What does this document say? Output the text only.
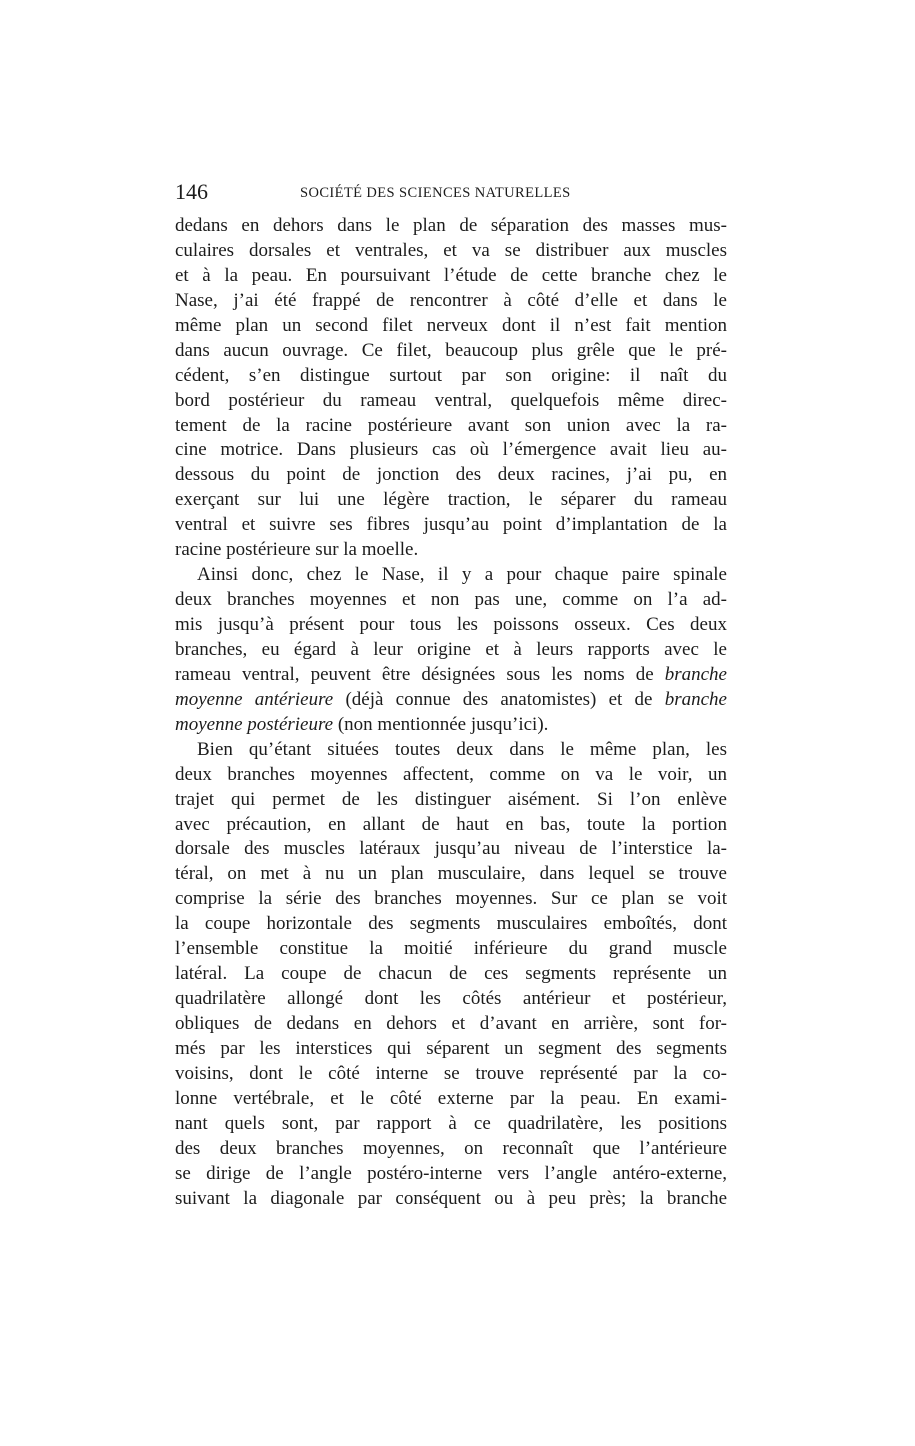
146	SOCIÉTÉ DES SCIENCES NATURELLES
dedans en dehors dans le plan de séparation des masses mus-
culaires dorsales et ventrales, et va se distribuer aux muscles
et à la peau. En poursuivant l’étude de cette branche chez le
Nase, j’ai été frappé de rencontrer à côté d’elle et dans le
même plan un second filet nerveux dont il n’est fait mention
dans aucun ouvrage. Ce filet, beaucoup plus grêle que le pré-
cédent, s’en distingue surtout par son origine: il naît du
bord postérieur du rameau ventral, quelquefois même direc-
tement de la racine postérieure avant son union avec la ra-
cine motrice. Dans plusieurs cas où l’émergence avait lieu au-
dessous du point de jonction des deux racines, j’ai pu, en
exerçant sur lui une légère traction, le séparer du rameau
ventral et suivre ses fibres jusqu’au point d’implantation de la
racine postérieure sur la moelle.
Ainsi donc, chez le Nase, il y a pour chaque paire spinale
deux branches moyennes et non pas une, comme on l’a ad-
mis jusqu’à présent pour tous les poissons osseux. Ces deux
branches, eu égard à leur origine et à leurs rapports avec le
rameau ventral, peuvent être désignées sous les noms de branche
moyenne antérieure (déjà connue des anatomistes) et de branche
moyenne postérieure (non mentionnée jusqu’ici).
Bien qu’étant situées toutes deux dans le même plan, les
deux branches moyennes affectent, comme on va le voir, un
trajet qui permet de les distinguer aisément. Si l’on enlève
avec précaution, en allant de haut en bas, toute la portion
dorsale des muscles latéraux jusqu’au niveau de l’interstice la-
téral, on met à nu un plan musculaire, dans lequel se trouve
comprise la série des branches moyennes. Sur ce plan se voit
la coupe horizontale des segments musculaires emboîtés, dont
l’ensemble constitue la moitié inférieure du grand muscle
latéral. La coupe de chacun de ces segments représente un
quadrilatère allongé dont les côtés antérieur et postérieur,
obliques de dedans en dehors et d’avant en arrière, sont for-
més par les interstices qui séparent un segment des segments
voisins, dont le côté interne se trouve représenté par la co-
lonne vertébrale, et le côté externe par la peau. En exami-
nant quels sont, par rapport à ce quadrilatère, les positions
des deux branches moyennes, on reconnaît que l’antérieure
se dirige de l’angle postéro-interne vers l’angle antéro-externe,
suivant la diagonale par conséquent ou à peu près; la branche
